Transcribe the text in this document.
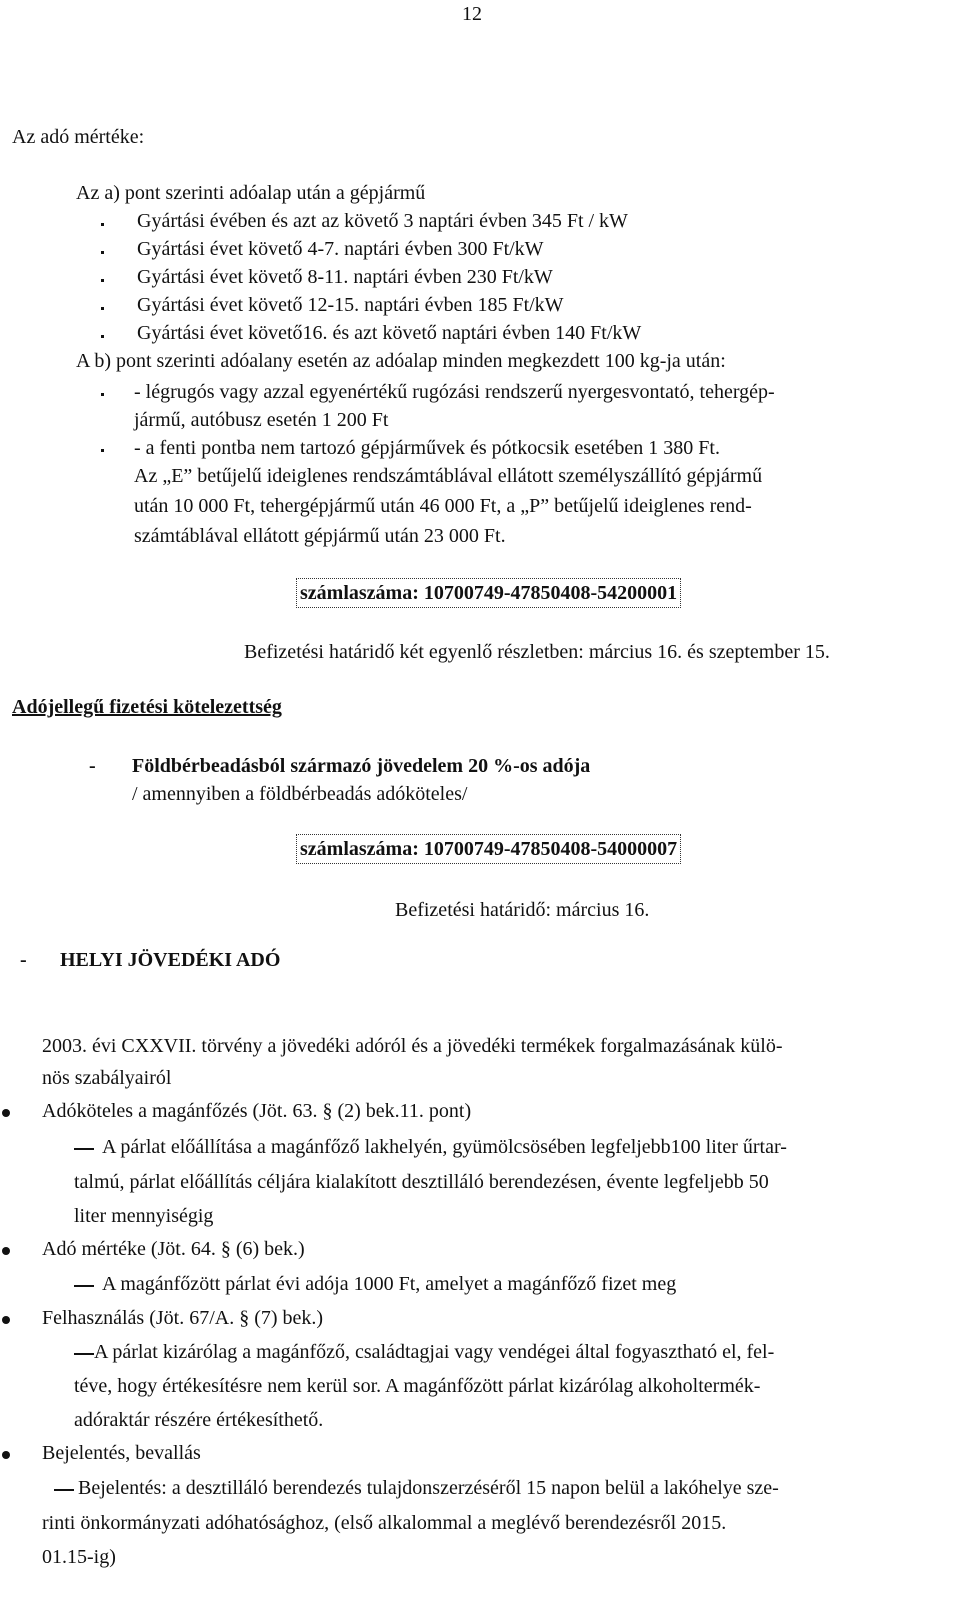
12
Az adó mértéke:
Az a) pont szerinti adóalap után a gépjármű
Gyártási évében és azt az követő 3 naptári évben 345 Ft / kW
Gyártási évet követő 4-7. naptári évben 300 Ft/kW
Gyártási évet követő 8-11. naptári évben 230 Ft/kW
Gyártási évet követő 12-15. naptári évben 185 Ft/kW
Gyártási évet követő16. és azt követő naptári évben 140 Ft/kW
A b) pont szerinti adóalany esetén az adóalap minden megkezdett 100 kg-ja után:
- légrugós vagy azzal egyenértékű rugózási rendszerű nyergesvontató, tehergép-
jármű, autóbusz esetén 1 200 Ft
- a fenti pontba nem tartozó gépjárművek és pótkocsik esetében 1 380 Ft.
Az „E” betűjelű ideiglenes rendszámtáblával ellátott személyszállító gépjármű
után 10 000 Ft, tehergépjármű után 46 000 Ft, a „P” betűjelű ideiglenes rend-
számtáblával ellátott gépjármű után 23 000 Ft.
számlaszáma: 10700749-47850408-54200001
Befizetési határidő két egyenlő részletben: március 16. és szeptember 15.
Adójellegű fizetési kötelezettség
- Földbérbeadásból származó jövedelem 20 %-os adója
/ amennyiben a földbérbeadás adóköteles/
számlaszáma: 10700749-47850408-54000007
Befizetési határidő: március 16.
- HELYI JÖVEDÉKI ADÓ
2003. évi CXXVII. törvény a jövedéki adóról és a jövedéki termékek forgalmazásának külö-
nös szabályairól
Adóköteles a magánfőzés (Jöt. 63. § (2) bek.11. pont)
A párlat előállítása a magánfőző lakhelyén, gyümölcsösében legfeljebb100 liter űrtar-
talmú, párlat előállítás céljára kialakított desztilláló berendezésen, évente legfeljebb 50
liter mennyiségig
Adó mértéke (Jöt. 64. § (6) bek.)
A magánfőzött párlat évi adója 1000 Ft, amelyet a magánfőző fizet meg
Felhasználás (Jöt. 67/A. § (7) bek.)
A párlat kizárólag a magánfőző, családtagjai vagy vendégei által fogyasztható el, fel-
téve, hogy értékesítésre nem kerül sor. A magánfőzött párlat kizárólag alkoholtermék-
adóraktár részére értékesíthető.
Bejelentés, bevallás
Bejelentés: a desztilláló berendezés tulajdonszerzéséről 15 napon belül a lakóhelye sze-
rinti önkormányzati adóhatósághoz, (első alkalommal a meglévő berendezésről 2015.
01.15-ig)
